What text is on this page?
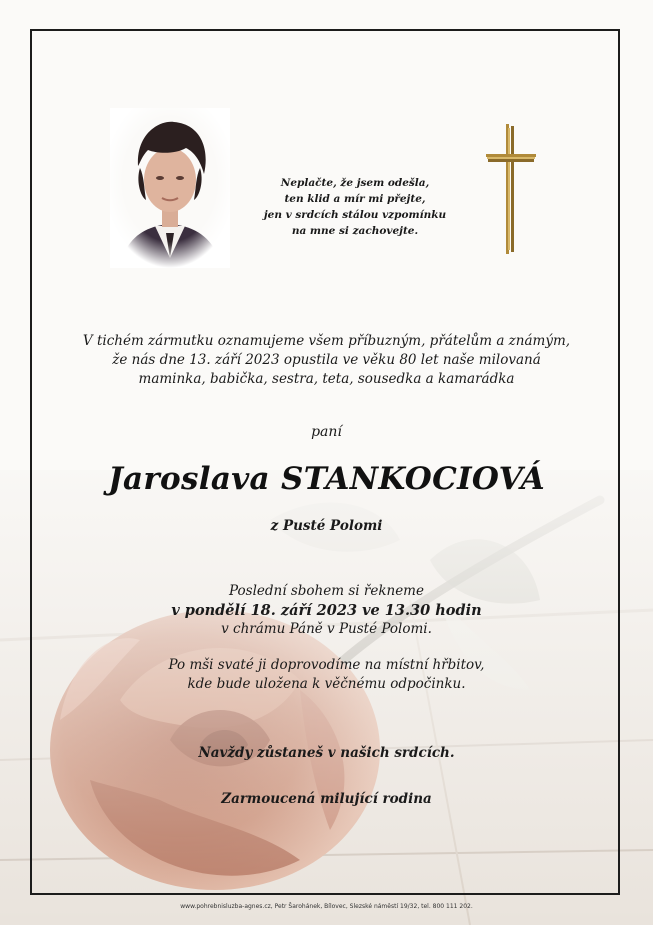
Neplačte, že jsem odešla,
ten klid a mír mi přejte,
jen v srdcích stálou vzpomínku
na mne si zachovejte.
V tichém zármutku oznamujeme všem příbuzným, přátelům a známým,
že nás dne 13. září 2023 opustila ve věku 80 let naše milovaná
maminka, babička, sestra, teta, sousedka a kamarádka
paní
Jaroslava STANKOCIOVÁ
z Pusté Polomi
Poslední sbohem si řekneme
v pondělí 18. září 2023 ve 13.30 hodin
v chrámu Páně v Pusté Polomi.
Po mši svaté ji doprovodíme na místní hřbitov,
kde bude uložena k věčnému odpočinku.
Navždy zůstaneš v našich srdcích.
Zarmoucená milující rodina
www.pohrebnisluzba-agnes.cz, Petr Šarohánek, Bílovec, Slezské náměstí 19/32, tel. 800 111 202.
